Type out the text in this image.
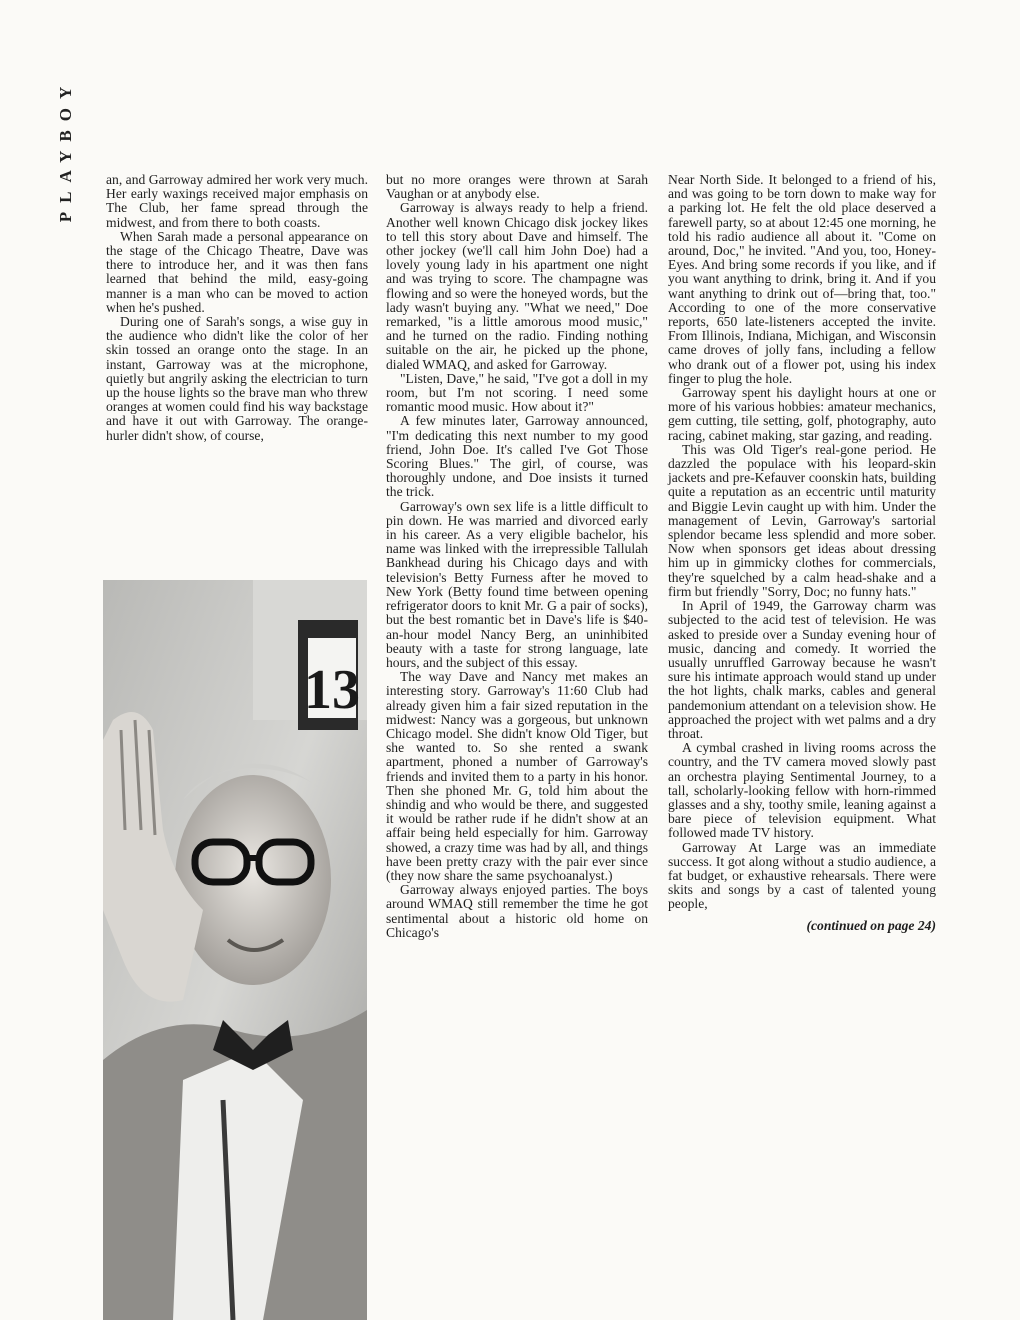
PLAYBOY an, and Garroway admired her work very much. Her early waxings received major emphasis on The Club, her fame spread through the midwest, and from there to both coasts.

When Sarah made a personal appearance on the stage of the Chicago Theatre, Dave was there to introduce her, and it was then fans learned that behind the mild, easy-going manner is a man who can be moved to action when he's pushed.

During one of Sarah's songs, a wise guy in the audience who didn't like the color of her skin tossed an orange onto the stage. In an instant, Garroway was at the microphone, quietly but angrily asking the electrician to turn up the house lights so the brave man who threw oranges at women could find his way backstage and have it out with Garroway. The orange-hurler didn't show, of course,

13

but no more oranges were thrown at Sarah Vaughan or at anybody else.

Garroway is always ready to help a friend. Another well known Chicago disk jockey likes to tell this story about Dave and himself. The other jockey (we'll call him John Doe) had a lovely young lady in his apartment one night and was trying to score. The champagne was flowing and so were the honeyed words, but the lady wasn't buying any. "What we need," Doe remarked, "is a little amorous mood music," and he turned on the radio. Finding nothing suitable on the air, he picked up the phone, dialed WMAQ, and asked for Garroway.

"Listen, Dave," he said, "I've got a doll in my room, but I'm not scoring. I need some romantic mood music. How about it?"

A few minutes later, Garroway announced, "I'm dedicating this next number to my good friend, John Doe. It's called I've Got Those Scoring Blues." The girl, of course, was thoroughly undone, and Doe insists it turned the trick.

Garroway's own sex life is a little difficult to pin down. He was married and divorced early in his career. As a very eligible bachelor, his name was linked with the irrepressible Tallulah Bankhead during his Chicago days and with television's Betty Furness after he moved to New York (Betty found time between opening refrigerator doors to knit Mr. G a pair of socks), but the best romantic bet in Dave's life is $40-an-hour model Nancy Berg, an uninhibited beauty with a taste for strong language, late hours, and the subject of this essay.

The way Dave and Nancy met makes an interesting story. Garroway's 11:60 Club had already given him a fair sized reputation in the midwest: Nancy was a gorgeous, but unknown Chicago model. She didn't know Old Tiger, but she wanted to. So she rented a swank apartment, phoned a number of Garroway's friends and invited them to a party in his honor. Then she phoned Mr. G, told him about the shindig and who would be there, and suggested it would be rather rude if he didn't show at an affair being held especially for him. Garroway showed, a crazy time was had by all, and things have been pretty crazy with the pair ever since (they now share the same psychoanalyst.)

Garroway always enjoyed parties. The boys around WMAQ still remember the time he got sentimental about a historic old home on Chicago's

Near North Side. It belonged to a friend of his, and was going to be torn down to make way for a parking lot. He felt the old place deserved a farewell party, so at about 12:45 one morning, he told his radio audience all about it. "Come on around, Doc," he invited. "And you, too, Honey-Eyes. And bring some records if you like, and if you want anything to drink, bring it. And if you want anything to drink out of—bring that, too." According to one of the more conservative reports, 650 late-listeners accepted the invite. From Illinois, Indiana, Michigan, and Wisconsin came droves of jolly fans, including a fellow who drank out of a flower pot, using his index finger to plug the hole.

Garroway spent his daylight hours at one or more of his various hobbies: amateur mechanics, gem cutting, tile setting, golf, photography, auto racing, cabinet making, star gazing, and reading.

This was Old Tiger's real-gone period. He dazzled the populace with his leopard-skin jackets and pre-Kefauver coonskin hats, building quite a reputation as an eccentric until maturity and Biggie Levin caught up with him. Under the management of Levin, Garroway's sartorial splendor became less splendid and more sober. Now when sponsors get ideas about dressing him up in gimmicky clothes for commercials, they're squelched by a calm head-shake and a firm but friendly "Sorry, Doc; no funny hats."

In April of 1949, the Garroway charm was subjected to the acid test of television. He was asked to preside over a Sunday evening hour of music, dancing and comedy. It worried the usually unruffled Garroway because he wasn't sure his intimate approach would stand up under the hot lights, chalk marks, cables and general pandemonium attendant on a television show. He approached the project with wet palms and a dry throat.

A cymbal crashed in living rooms across the country, and the TV camera moved slowly past an orchestra playing Sentimental Journey, to a tall, scholarly-looking fellow with horn-rimmed glasses and a shy, toothy smile, leaning against a bare piece of television equipment. What followed made TV history.

Garroway At Large was an immediate success. It got along without a studio audience, a fat budget, or exhaustive rehearsals. There were skits and songs by a cast of talented young people,

(continued on page 24)
